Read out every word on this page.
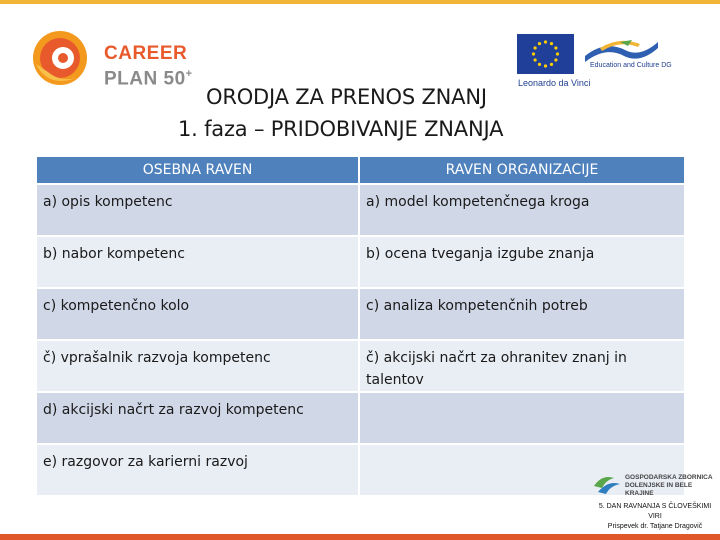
CAREER
PLAN 50+
Leonardo da Vinci
Education and Culture DG
ORODJA ZA PRENOS ZNANJ
1. faza – PRIDOBIVANJE ZNANJA
OSEBNA RAVEN	RAVEN ORGANIZACIJE
a) opis kompetenc	a) model kompetenčnega kroga
b) nabor kompetenc	b) ocena tveganja izgube znanja
c) kompetenčno kolo	c) analiza kompetenčnih potreb
č) vprašalnik razvoja kompetenc	č) akcijski načrt za ohranitev znanj in talentov
d) akcijski načrt za razvoj kompetenc	
e) razgovor za karierni razvoj	
GOSPODARSKA ZBORNICA
DOLENJSKE IN BELE KRAJINE
5. DAN RAVNANJA S ČLOVEŠKIMI
VIRI
Prispevek dr. Tatjane Dragovič
